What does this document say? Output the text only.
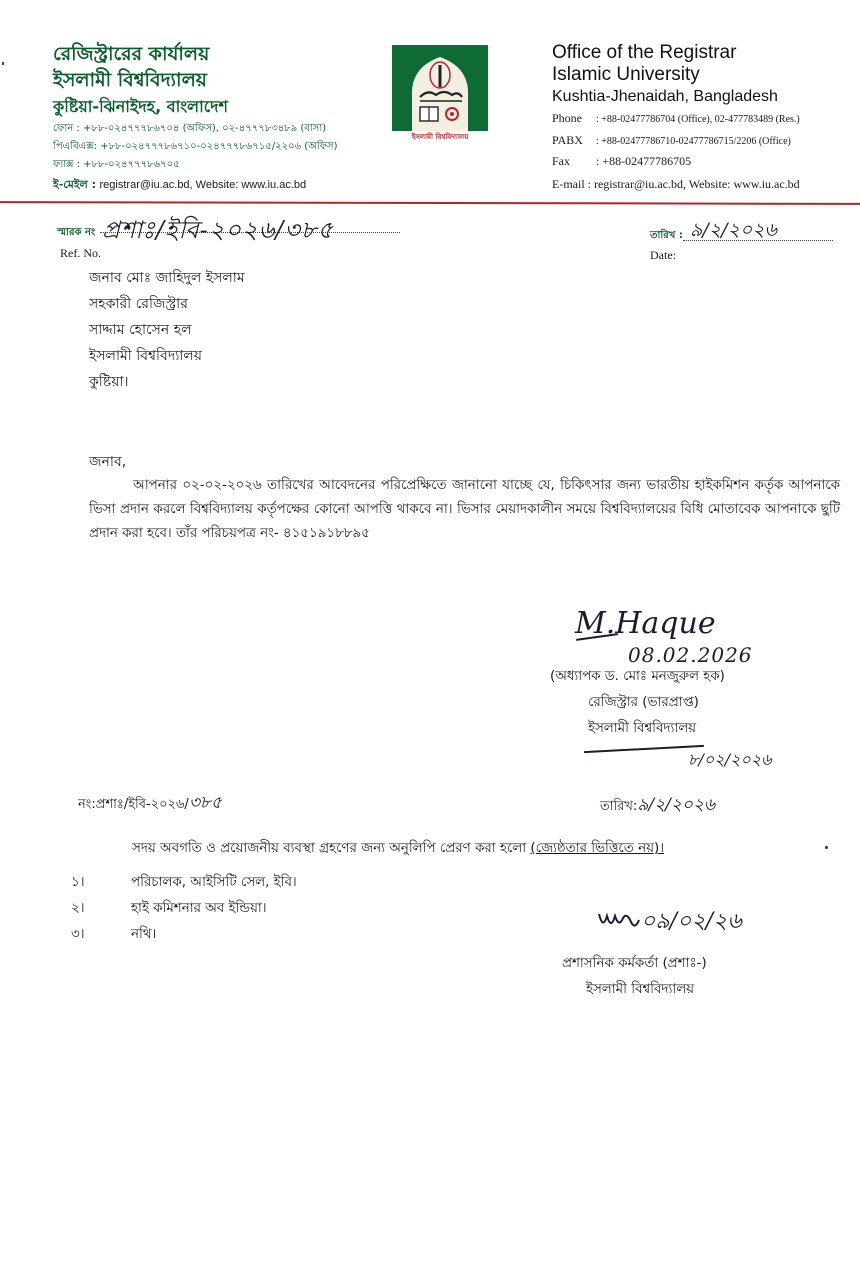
রেজিস্ট্রারের কার্যালয়
ইসলামী বিশ্ববিদ্যালয়
কুষ্টিয়া-ঝিনাইদহ, বাংলাদেশ
ফোন : +৮৮-০২৪৭৭৭৮৬৭০৪ (অফিস), ০২-৪৭৭৭৮৩৪৮৯ (বাসা)
পিএবিএক্স: +৮৮-০২৪৭৭৭৮৬৭১০-০২৪৭৭৭৮৬৭১৫/২২০৬ (অফিস)
ফ্যাক্স : +৮৮-০২৪৭৭৭৮৬৭০৫
ই-মেইল : registrar@iu.ac.bd, Website: www.iu.ac.bd
ইসলামী বিশ্ববিদ্যালয়
Office of the Registrar
Islamic University
Kushtia-Jhenaidah, Bangladesh
Phone : +88-02477786704 (Office), 02-477783489 (Res.)
PABX : +88-02477786710-02477786715/2206 (Office)
Fax : +88-02477786705
E-mail : registrar@iu.ac.bd, Website: www.iu.ac.bd
স্মারক নং প্রশাঃ/ইবি-২০২৬/৩৮৫
Ref. No.
তারিখ : ৯/২/২০২৬
Date:
জনাব মোঃ জাহিদুল ইসলাম
সহকারী রেজিস্ট্রার
সাদ্দাম হোসেন হল
ইসলামী বিশ্ববিদ্যালয়
কুষ্টিয়া।
জনাব,
আপনার ০২-০২-২০২৬ তারিখের আবেদনের পরিপ্রেক্ষিতে জানানো যাচ্ছে যে, চিকিৎসার জন্য ভারতীয় হাইকমিশন কর্তৃক আপনাকে ভিসা প্রদান করলে বিশ্ববিদ্যালয় কর্তৃপক্ষের কোনো আপত্তি থাকবে না। ভিসার মেয়াদকালীন সময়ে বিশ্ববিদ্যালয়ের বিধি মোতাবেক আপনাকে ছুটি প্রদান করা হবে। তাঁর পরিচয়পত্র নং- ৪১৫১৯১৮৮৯৫
M.Haque
08.02.2026
(অধ্যাপক ড. মোঃ মনজুরুল হক)
রেজিস্ট্রার (ভারপ্রাপ্ত)
ইসলামী বিশ্ববিদ্যালয়
৮/০২/২০২৬
নং:প্রশাঃ/ইবি-২০২৬/৩৮৫	তারিখ:৯/২/২০২৬
সদয় অবগতি ও প্রয়োজনীয় ব্যবস্থা গ্রহণের জন্য অনুলিপি প্রেরণ করা হলো (জ্যেষ্ঠতার ভিত্তিতে নয়)।
১।	পরিচালক, আইসিটি সেল, ইবি।
২।	হাই কমিশনার অব ইন্ডিয়া।
৩।	নথি।
০৯/০২/২৬
প্রশাসনিক কর্মকর্তা (প্রশাঃ-)
ইসলামী বিশ্ববিদ্যালয়
